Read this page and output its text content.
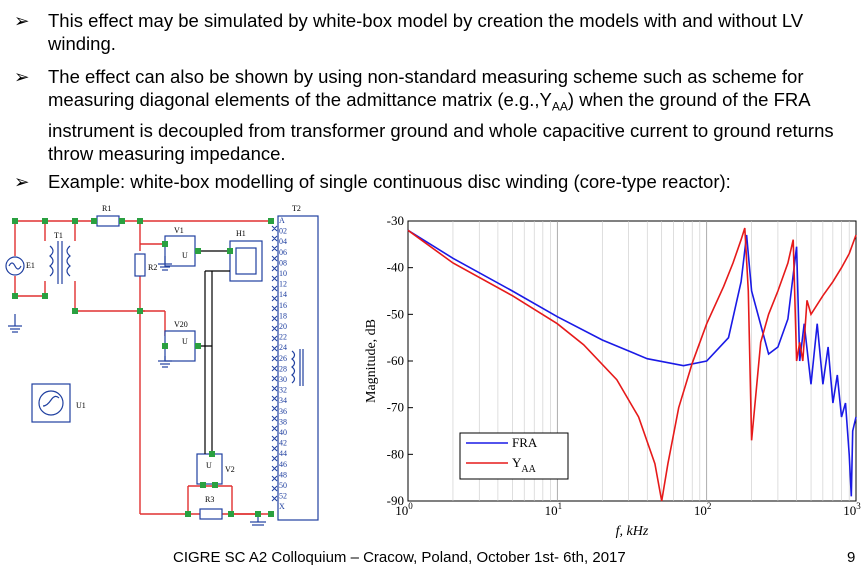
➢ This effect may be simulated by white-box model by creation the models with and without LV winding.
➢ The effect can also be shown by using non-standard measuring scheme such as scheme for measuring diagonal elements of the admittance matrix $(e.g.,Y_{AA})$ when the ground of the FRA instrument is decoupled from transformer ground and whole capacitive current to ground returns throw measuring impedance.
➢ Example: white-box modelling of single continuous disc winding (core-type reactor):
R1
R2
R3
T1
T2
E1
V1
V20
V2
H1
U1
U
U
U
A
02
04
06
08
10
12
14
16
18
20
22
24
26
28
30
32
34
36
38
40
42
44
46
48
50
52
X
-30
-40
-50
-60
-70
-80
-90
$10^0$	$10^1$	$10^2$	$10^3$
Magnitude, dB
f, kHz
FRA
$Y_{AA}$
CIGRE SC A2 Colloquium – Cracow, Poland, October 1st- 6th, 2017	9
